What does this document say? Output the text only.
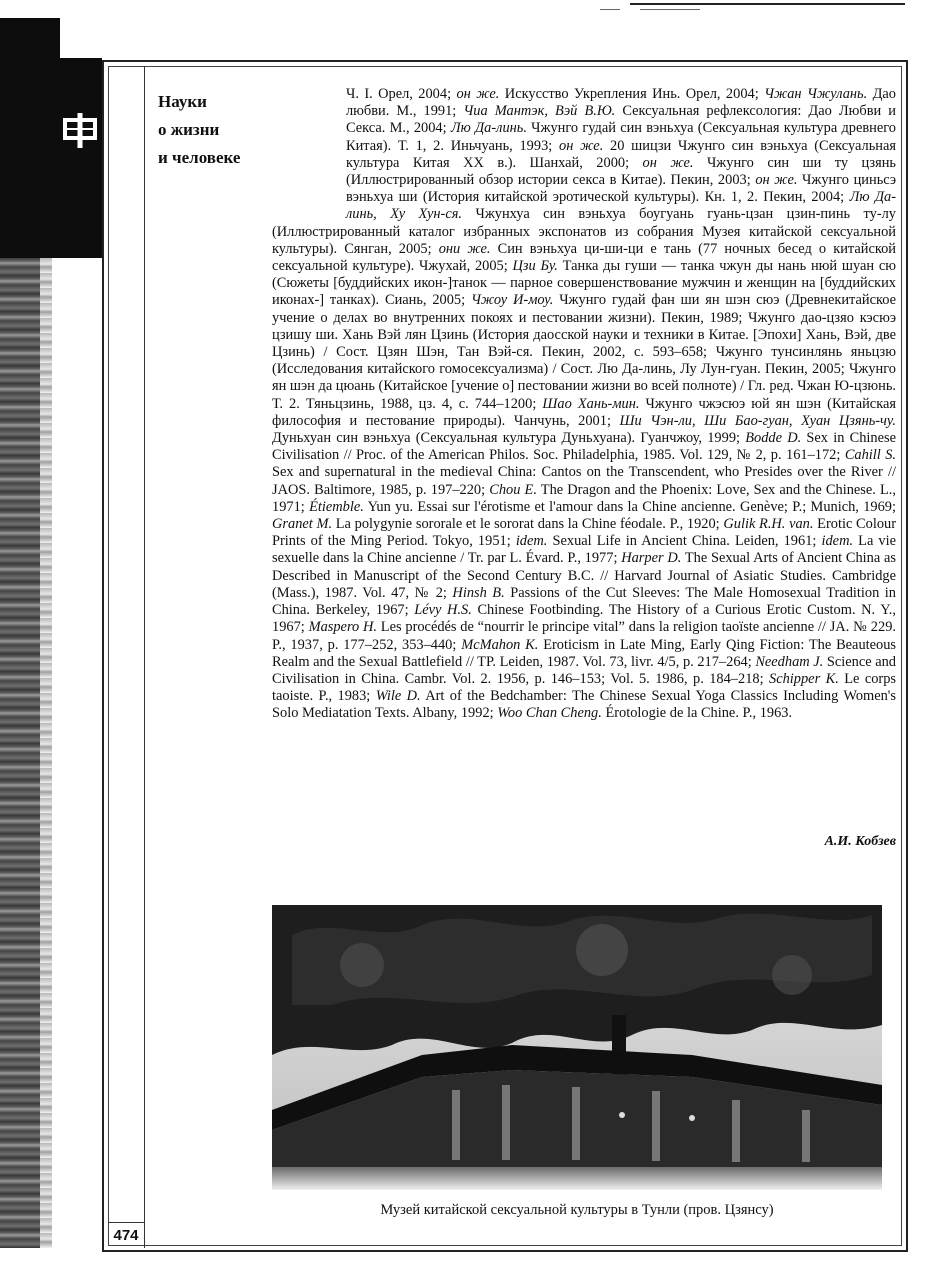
474
Науки
о жизни
и человеке
Ч. I. Орел, 2004; он же. Искусство Укрепления Инь. Орел, 2004; Чжан Чжулань. Дао любви. М., 1991; Чиа Мантэк, Вэй В.Ю. Сексуальная рефлексология: Дао Любви и Секса. М., 2004; Лю Да-линь. Чжунго гудай син вэньхуа (Сексуальная культура древнего Китая). Т. 1, 2. Иньчуань, 1993; он же. 20 шицзи Чжунго син вэньхуа (Сексуальная культура Китая XX в.). Шанхай, 2000; он же. Чжунго син ши ту цзянь (Иллюстрированный обзор истории секса в Китае). Пекин, 2003; он же. Чжунго циньсэ вэньхуа ши (История китайской эротической культуры). Кн. 1, 2. Пекин, 2004; Лю Да-линь, Ху Хун-ся. Чжунхуа син вэньхуа боугуань гуань-цзан цзин-пинь ту-лу (Иллюстрированный каталог избранных экспонатов из собрания Музея китайской сексуальной культуры). Сянган, 2005; они же. Син вэньхуа ци-ши-ци е тань (77 ночных бесед о китайской сексуальной культуре). Чжухай, 2005; Цзи Бу. Танка ды гуши — танка чжун ды нань нюй шуан сю (Сюжеты [буддийских икон-]танок — парное совершенствование мужчин и женщин на [буддийских иконах-] танках). Сиань, 2005; Чжоу И-моу. Чжунго гудай фан ши ян шэн сюэ (Древнекитайское учение о делах во внутренних покоях и пестовании жизни). Пекин, 1989; Чжунго дао-цзяо кэсюэ цзишу ши. Хань Вэй лян Цзинь (История даосской науки и техники в Китае. [Эпохи] Хань, Вэй, две Цзинь) / Сост. Цзян Шэн, Тан Вэй-ся. Пекин, 2002, с. 593–658; Чжунго тунсинлянь яньцзю (Исследования китайского гомосексуализма) / Сост. Лю Да-линь, Лу Лун-гуан. Пекин, 2005; Чжунго ян шэн да цюань (Китайское [учение о] пестовании жизни во всей полноте) / Гл. ред. Чжан Ю-цзюнь. Т. 2. Тяньцзинь, 1988, цз. 4, с. 744–1200; Шао Хань-мин. Чжунго чжэсюэ юй ян шэн (Китайская философия и пестование природы). Чанчунь, 2001; Ши Чэн-ли, Ши Бао-гуан, Хуан Цзянь-чу. Дуньхуан син вэньхуа (Сексуальная культура Дуньхуана). Гуанчжоу, 1999; Bodde D. Sex in Chinese Civilisation // Proc. of the American Philos. Soc. Philadelphia, 1985. Vol. 129, № 2, p. 161–172; Cahill S. Sex and supernatural in the medieval China: Cantos on the Transcendent, who Presides over the River // JAOS. Baltimore, 1985, p. 197–220; Chou E. The Dragon and the Phoenix: Love, Sex and the Chinese. L., 1971; Étiemble. Yun yu. Essai sur l'érotisme et l'amour dans la Chine ancienne. Genève; P.; Munich, 1969; Granet M. La polygynie sororale et le sororat dans la Chine féodale. P., 1920; Gulik R.H. van. Erotic Colour Prints of the Ming Period. Tokyo, 1951; idem. Sexual Life in Ancient China. Leiden, 1961; idem. La vie sexuelle dans la Chine ancienne / Tr. par L. Évard. P., 1977; Harper D. The Sexual Arts of Ancient China as Described in Manuscript of the Second Century B.C. // Harvard Journal of Asiatic Studies. Cambridge (Mass.), 1987. Vol. 47, № 2; Hinsh B. Passions of the Cut Sleeves: The Male Homosexual Tradition in China. Berkeley, 1967; Lévy H.S. Chinese Footbinding. The History of a Curious Erotic Custom. N. Y., 1967; Maspero H. Les procédés de “nourrir le principe vital” dans la religion taoïste ancienne // JA. № 229. P., 1937, p. 177–252, 353–440; McMahon K. Eroticism in Late Ming, Early Qing Fiction: The Beauteous Realm and the Sexual Battlefield // TP. Leiden, 1987. Vol. 73, livr. 4/5, p. 217–264; Needham J. Science and Civilisation in China. Cambr. Vol. 2. 1956, p. 146–153; Vol. 5. 1986, p. 184–218; Schipper K. Le corps taoiste. P., 1983; Wile D. Art of the Bedchamber: The Chinese Sexual Yoga Classics Including Women's Solo Mediatation Texts. Albany, 1992; Woo Chan Cheng. Érotologie de la Chine. P., 1963.
А.И. Кобзев
Музей китайской сексуальной культуры в Тунли (пров. Цзянсу)
